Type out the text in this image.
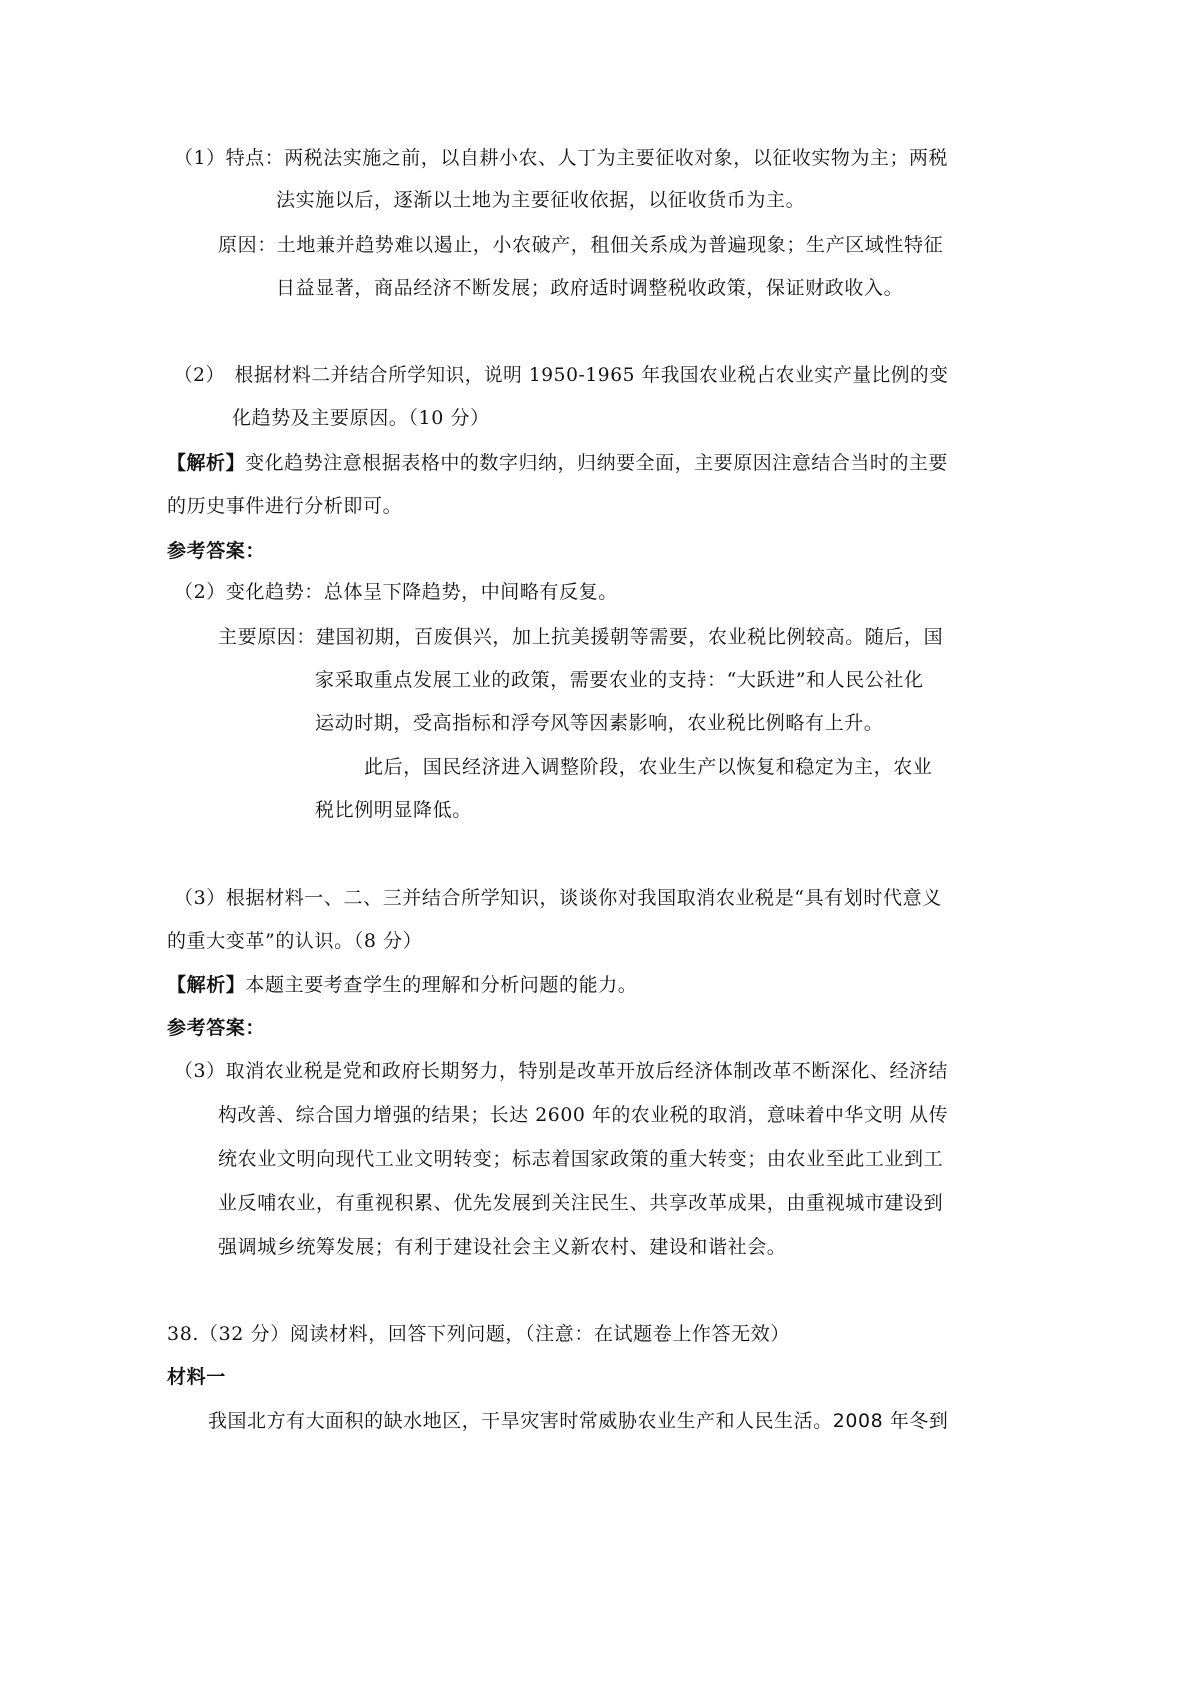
（1）特点：两税法实施之前，以自耕小农、人丁为主要征收对象，以征收实物为主；两税
法实施以后，逐渐以土地为主要征收依据，以征收货币为主。
原因：土地兼并趋势难以遏止，小农破产，租佃关系成为普遍现象；生产区域性特征
日益显著，商品经济不断发展；政府适时调整税收政策，保证财政收入。
（2）　根据材料二并结合所学知识，说明 1950-1965 年我国农业税占农业实产量比例的变
化趋势及主要原因。（10 分）
【解析】变化趋势注意根据表格中的数字归纳，归纳要全面，主要原因注意结合当时的主要
的历史事件进行分析即可。
参考答案：
（2）变化趋势：总体呈下降趋势，中间略有反复。
主要原因：建国初期，百废俱兴，加上抗美援朝等需要，农业税比例较高。随后，国
家采取重点发展工业的政策，需要农业的支持：“大跃进”和人民公社化
运动时期，受高指标和浮夸风等因素影响，农业税比例略有上升。
此后，国民经济进入调整阶段，农业生产以恢复和稳定为主，农业
税比例明显降低。
（3）根据材料一、二、三并结合所学知识，谈谈你对我国取消农业税是“具有划时代意义
的重大变革”的认识。（8 分）
【解析】本题主要考查学生的理解和分析问题的能力。
参考答案：
（3）取消农业税是党和政府长期努力，特别是改革开放后经济体制改革不断深化、经济结
构改善、综合国力增强的结果；长达 2600 年的农业税的取消，意味着中华文明 从传
统农业文明向现代工业文明转变；标志着国家政策的重大转变；由农业至此工业到工
业反哺农业，有重视积累、优先发展到关注民生、共享改革成果，由重视城市建设到
强调城乡统筹发展；有利于建设社会主义新农村、建设和谐社会。
38.（32 分）阅读材料，回答下列问题，（注意：在试题卷上作答无效）
材料一
我国北方有大面积的缺水地区，干旱灾害时常威胁农业生产和人民生活。2008 年冬到
